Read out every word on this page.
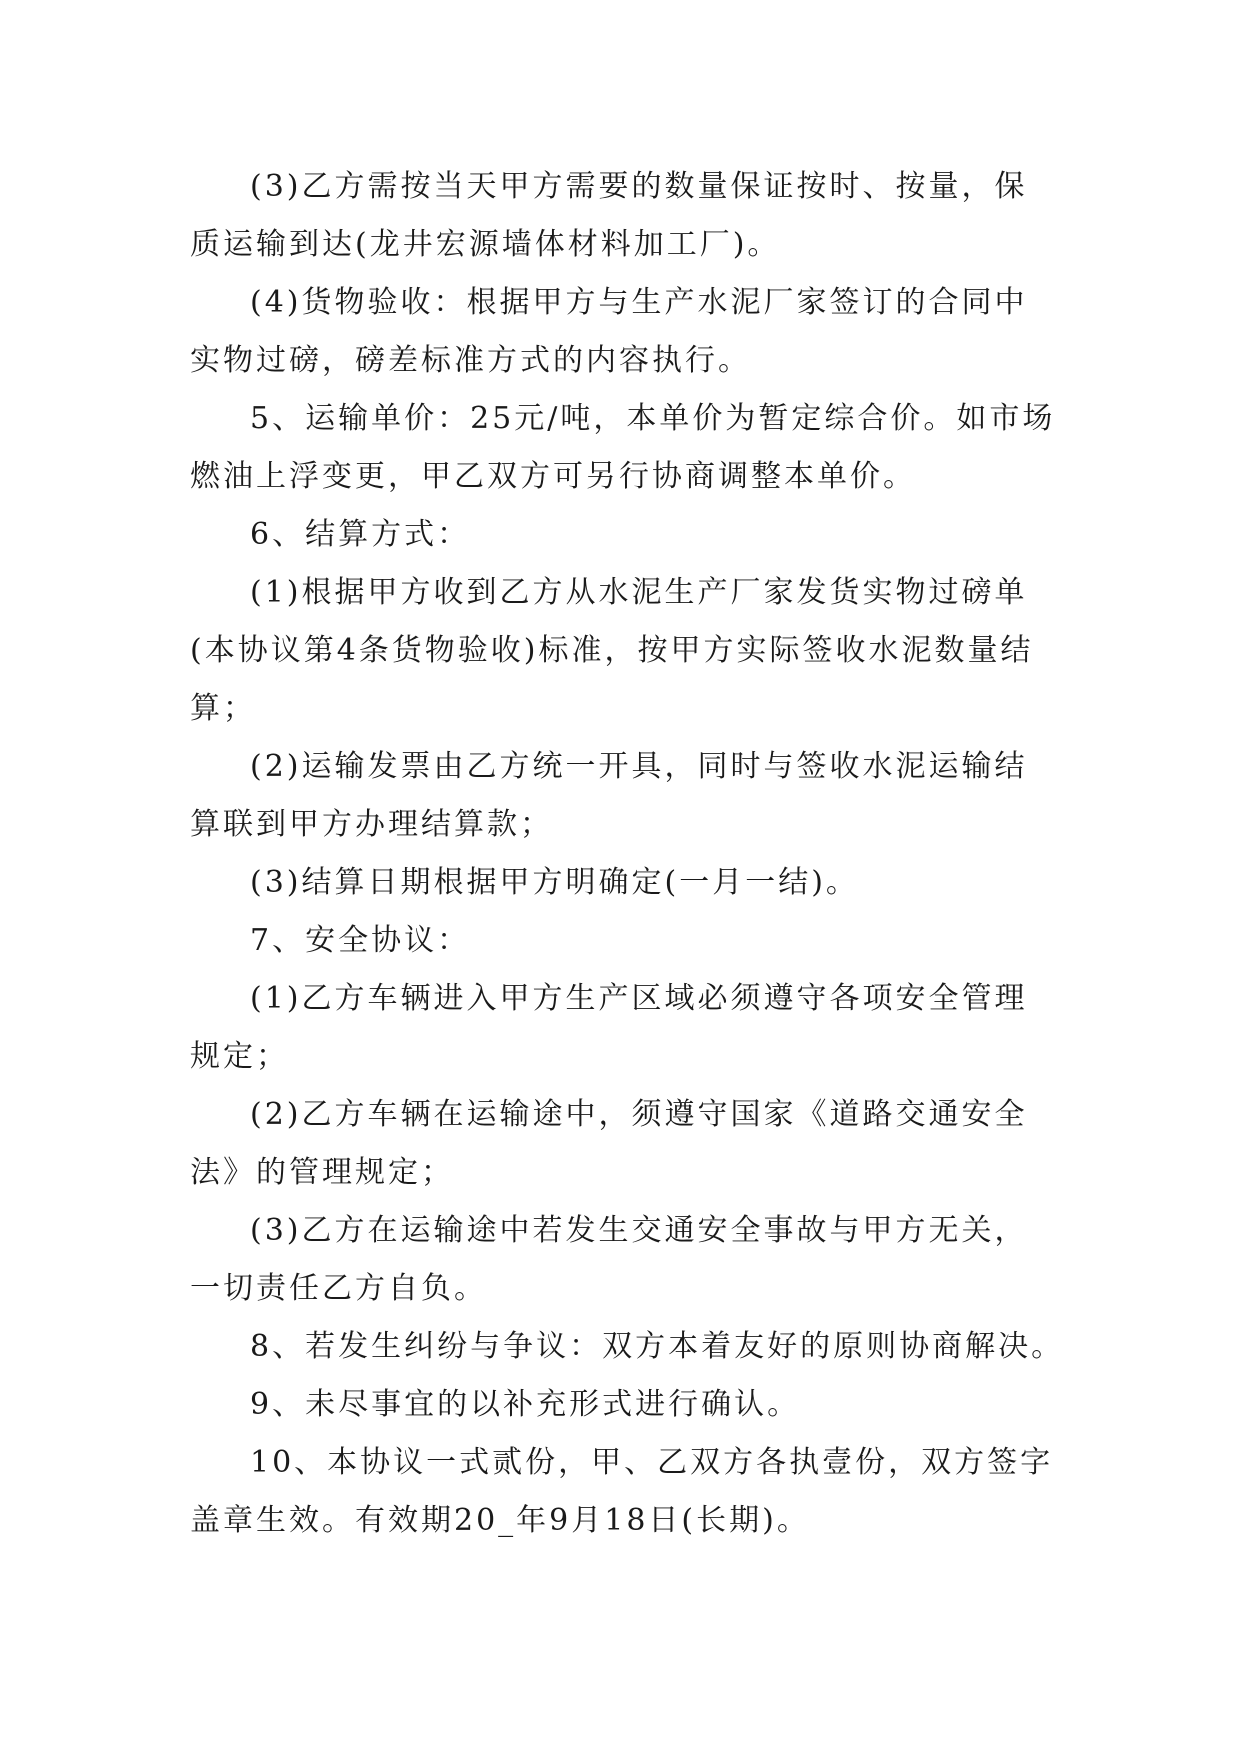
(3)乙方需按当天甲方需要的数量保证按时、按量，保
质运输到达(龙井宏源墙体材料加工厂)。

(4)货物验收：根据甲方与生产水泥厂家签订的合同中
实物过磅，磅差标准方式的内容执行。

5、运输单价：25元/吨，本单价为暂定综合价。如市场
燃油上浮变更，甲乙双方可另行协商调整本单价。

6、结算方式：

(1)根据甲方收到乙方从水泥生产厂家发货实物过磅单
(本协议第4条货物验收)标准，按甲方实际签收水泥数量结
算；

(2)运输发票由乙方统一开具，同时与签收水泥运输结
算联到甲方办理结算款；

(3)结算日期根据甲方明确定(一月一结)。

7、安全协议：

(1)乙方车辆进入甲方生产区域必须遵守各项安全管理
规定；

(2)乙方车辆在运输途中，须遵守国家《道路交通安全
法》的管理规定；

(3)乙方在运输途中若发生交通安全事故与甲方无关，
一切责任乙方自负。

8、若发生纠纷与争议：双方本着友好的原则协商解决。

9、未尽事宜的以补充形式进行确认。

10、本协议一式贰份，甲、乙双方各执壹份，双方签字
盖章生效。有效期20_年9月18日(长期)。
